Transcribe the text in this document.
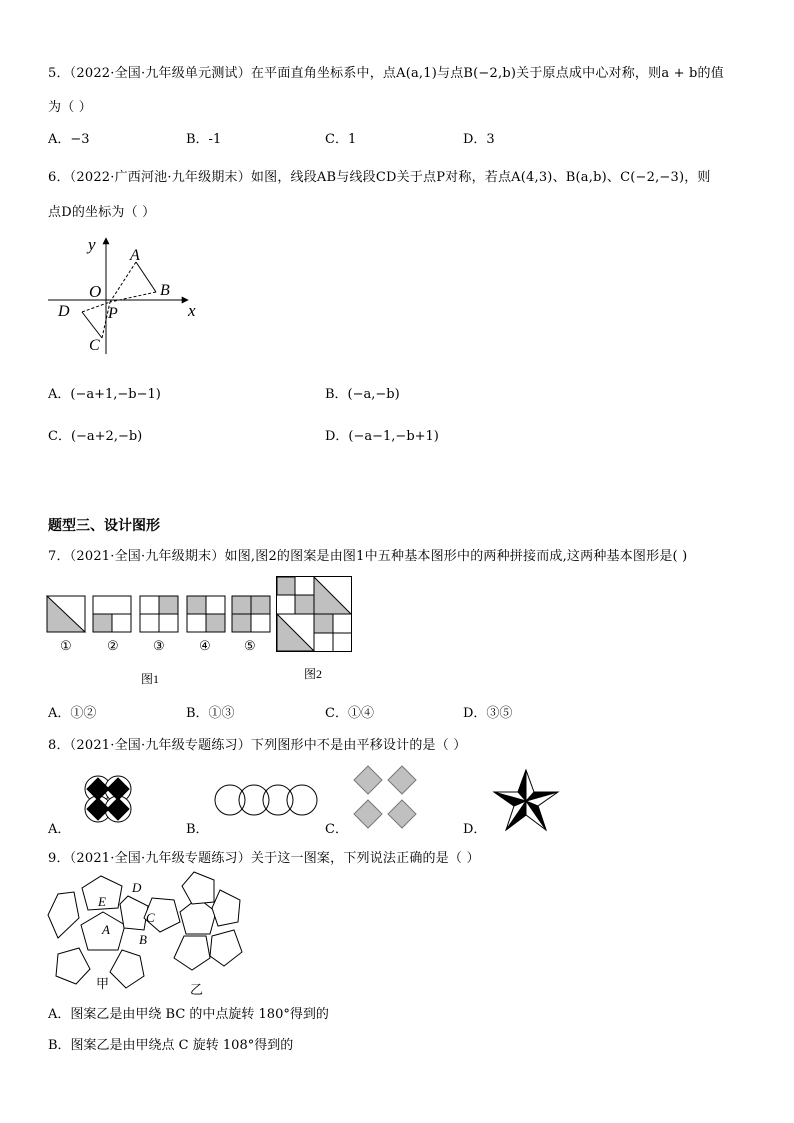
5．（2022·全国·九年级单元测试）在平面直角坐标系中，点A(a,1)与点B(−2,b)关于原点成中心对称，则a + b的值
为（ ）
A．−3	B．-1	C．1	D．3
6．（2022·广西河池·九年级期末）如图，线段AB与线段CD关于点P对称，若点A(4,3)、B(a,b)、C(−2,−3)，则
点D的坐标为（ ）
y
A
B
O
P
D
C
x
A．(−a+1,−b−1)	B．(−a,−b)
C．(−a+2,−b)	D．(−a−1,−b+1)
题型三、设计图形
7．（2021·全国·九年级期末）如图,图2的图案是由图1中五种基本图形中的两种拼接而成,这两种基本图形是( )
①	②	③	④	⑤
图1	图2
A．①②	B．①③	C．①④	D．③⑤
8．（2021·全国·九年级专题练习）下列图形中不是由平移设计的是（ ）
A．	B．	C．	D．
9．（2021·全国·九年级专题练习）关于这一图案，下列说法正确的是（ ）
D
E
C
A
B
甲	乙
A．图案乙是由甲绕 BC 的中点旋转 180°得到的
B．图案乙是由甲绕点 C 旋转 108°得到的
